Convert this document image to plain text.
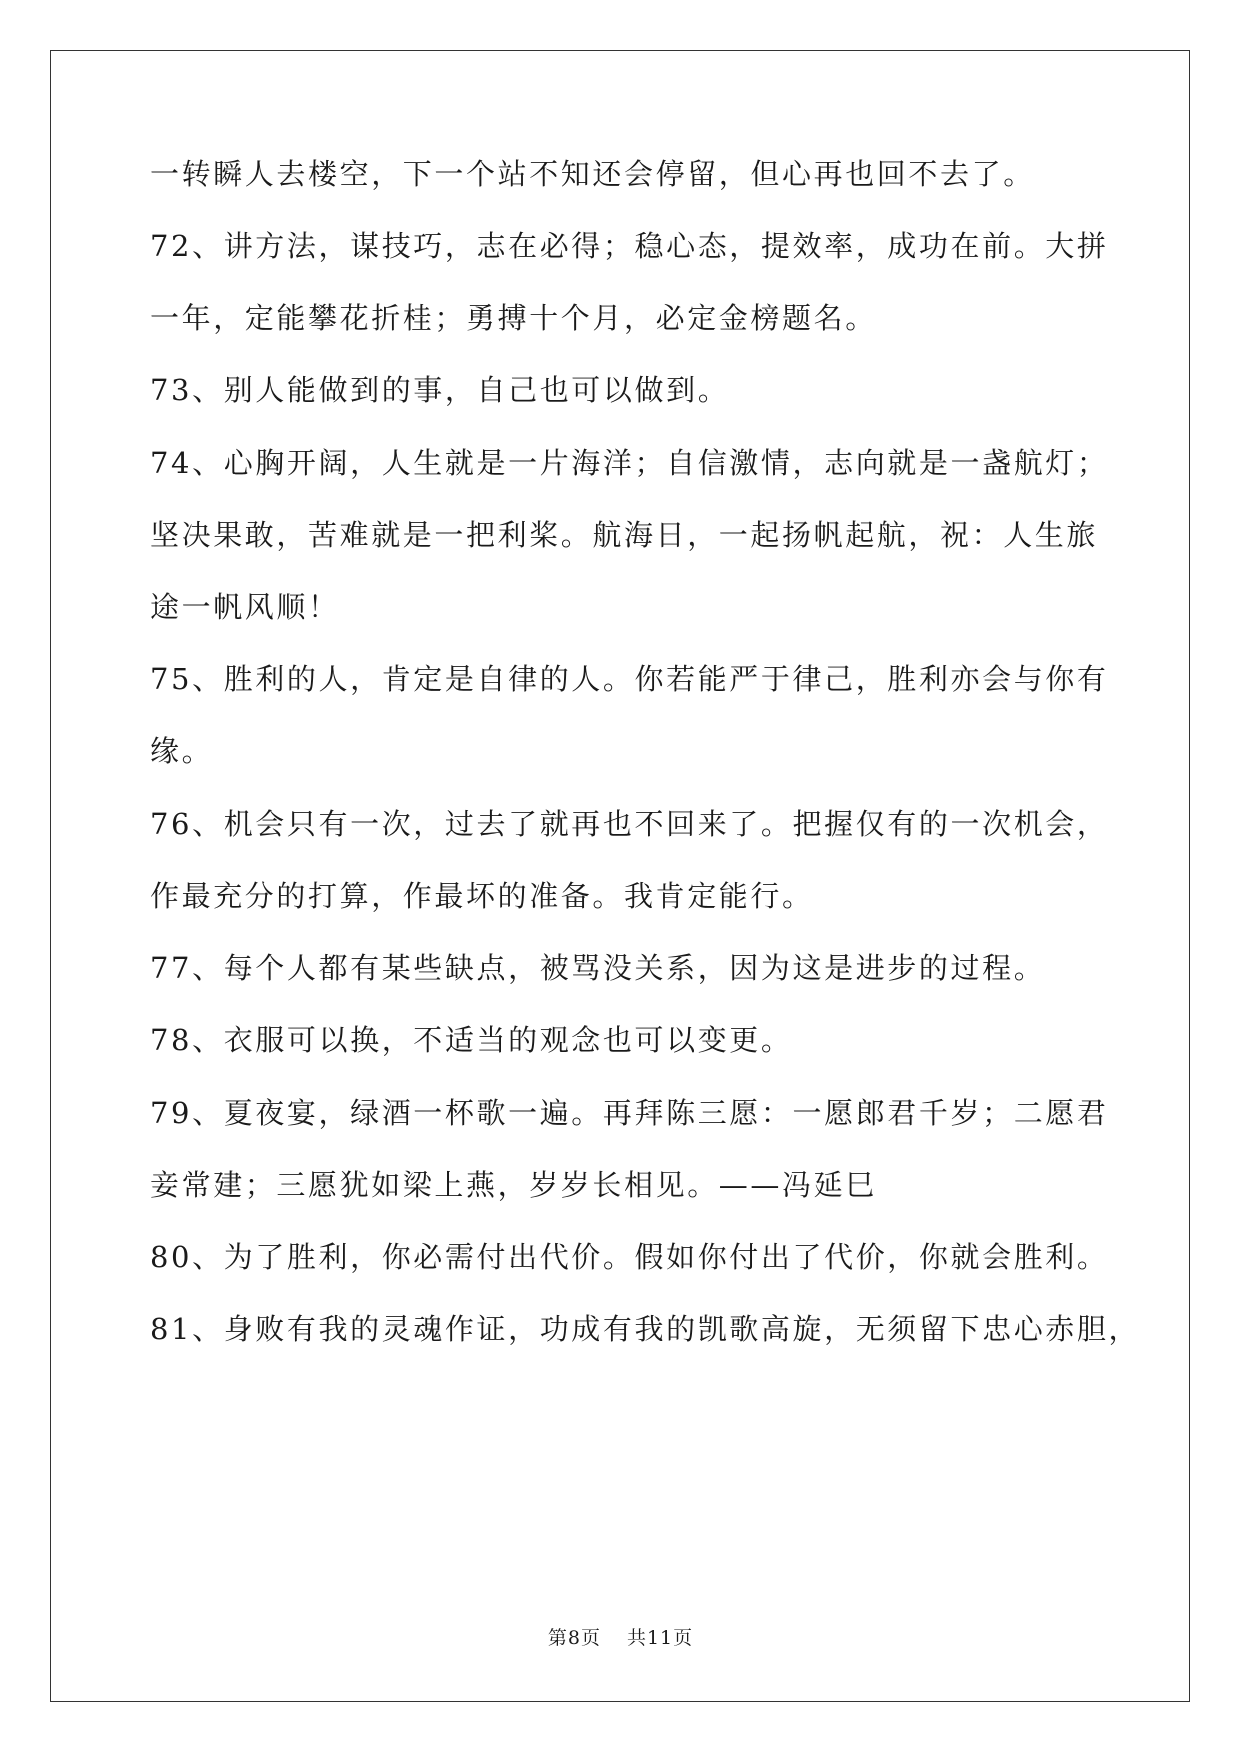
一转瞬人去楼空，下一个站不知还会停留，但心再也回不去了。
72、讲方法，谋技巧，志在必得；稳心态，提效率，成功在前。大拼
一年，定能攀花折桂；勇搏十个月，必定金榜题名。
73、别人能做到的事，自己也可以做到。
74、心胸开阔，人生就是一片海洋；自信激情，志向就是一盏航灯；
坚决果敢，苦难就是一把利桨。航海日，一起扬帆起航，祝：人生旅
途一帆风顺！
75、胜利的人，肯定是自律的人。你若能严于律己，胜利亦会与你有
缘。
76、机会只有一次，过去了就再也不回来了。把握仅有的一次机会，
作最充分的打算，作最坏的准备。我肯定能行。
77、每个人都有某些缺点，被骂没关系，因为这是进步的过程。
78、衣服可以换，不适当的观念也可以变更。
79、夏夜宴，绿酒一杯歌一遍。再拜陈三愿：一愿郎君千岁；二愿君
妾常建；三愿犹如梁上燕，岁岁长相见。——冯延巳
80、为了胜利，你必需付出代价。假如你付出了代价，你就会胜利。
81、身败有我的灵魂作证，功成有我的凯歌高旋，无须留下忠心赤胆，
第8页 共11页
